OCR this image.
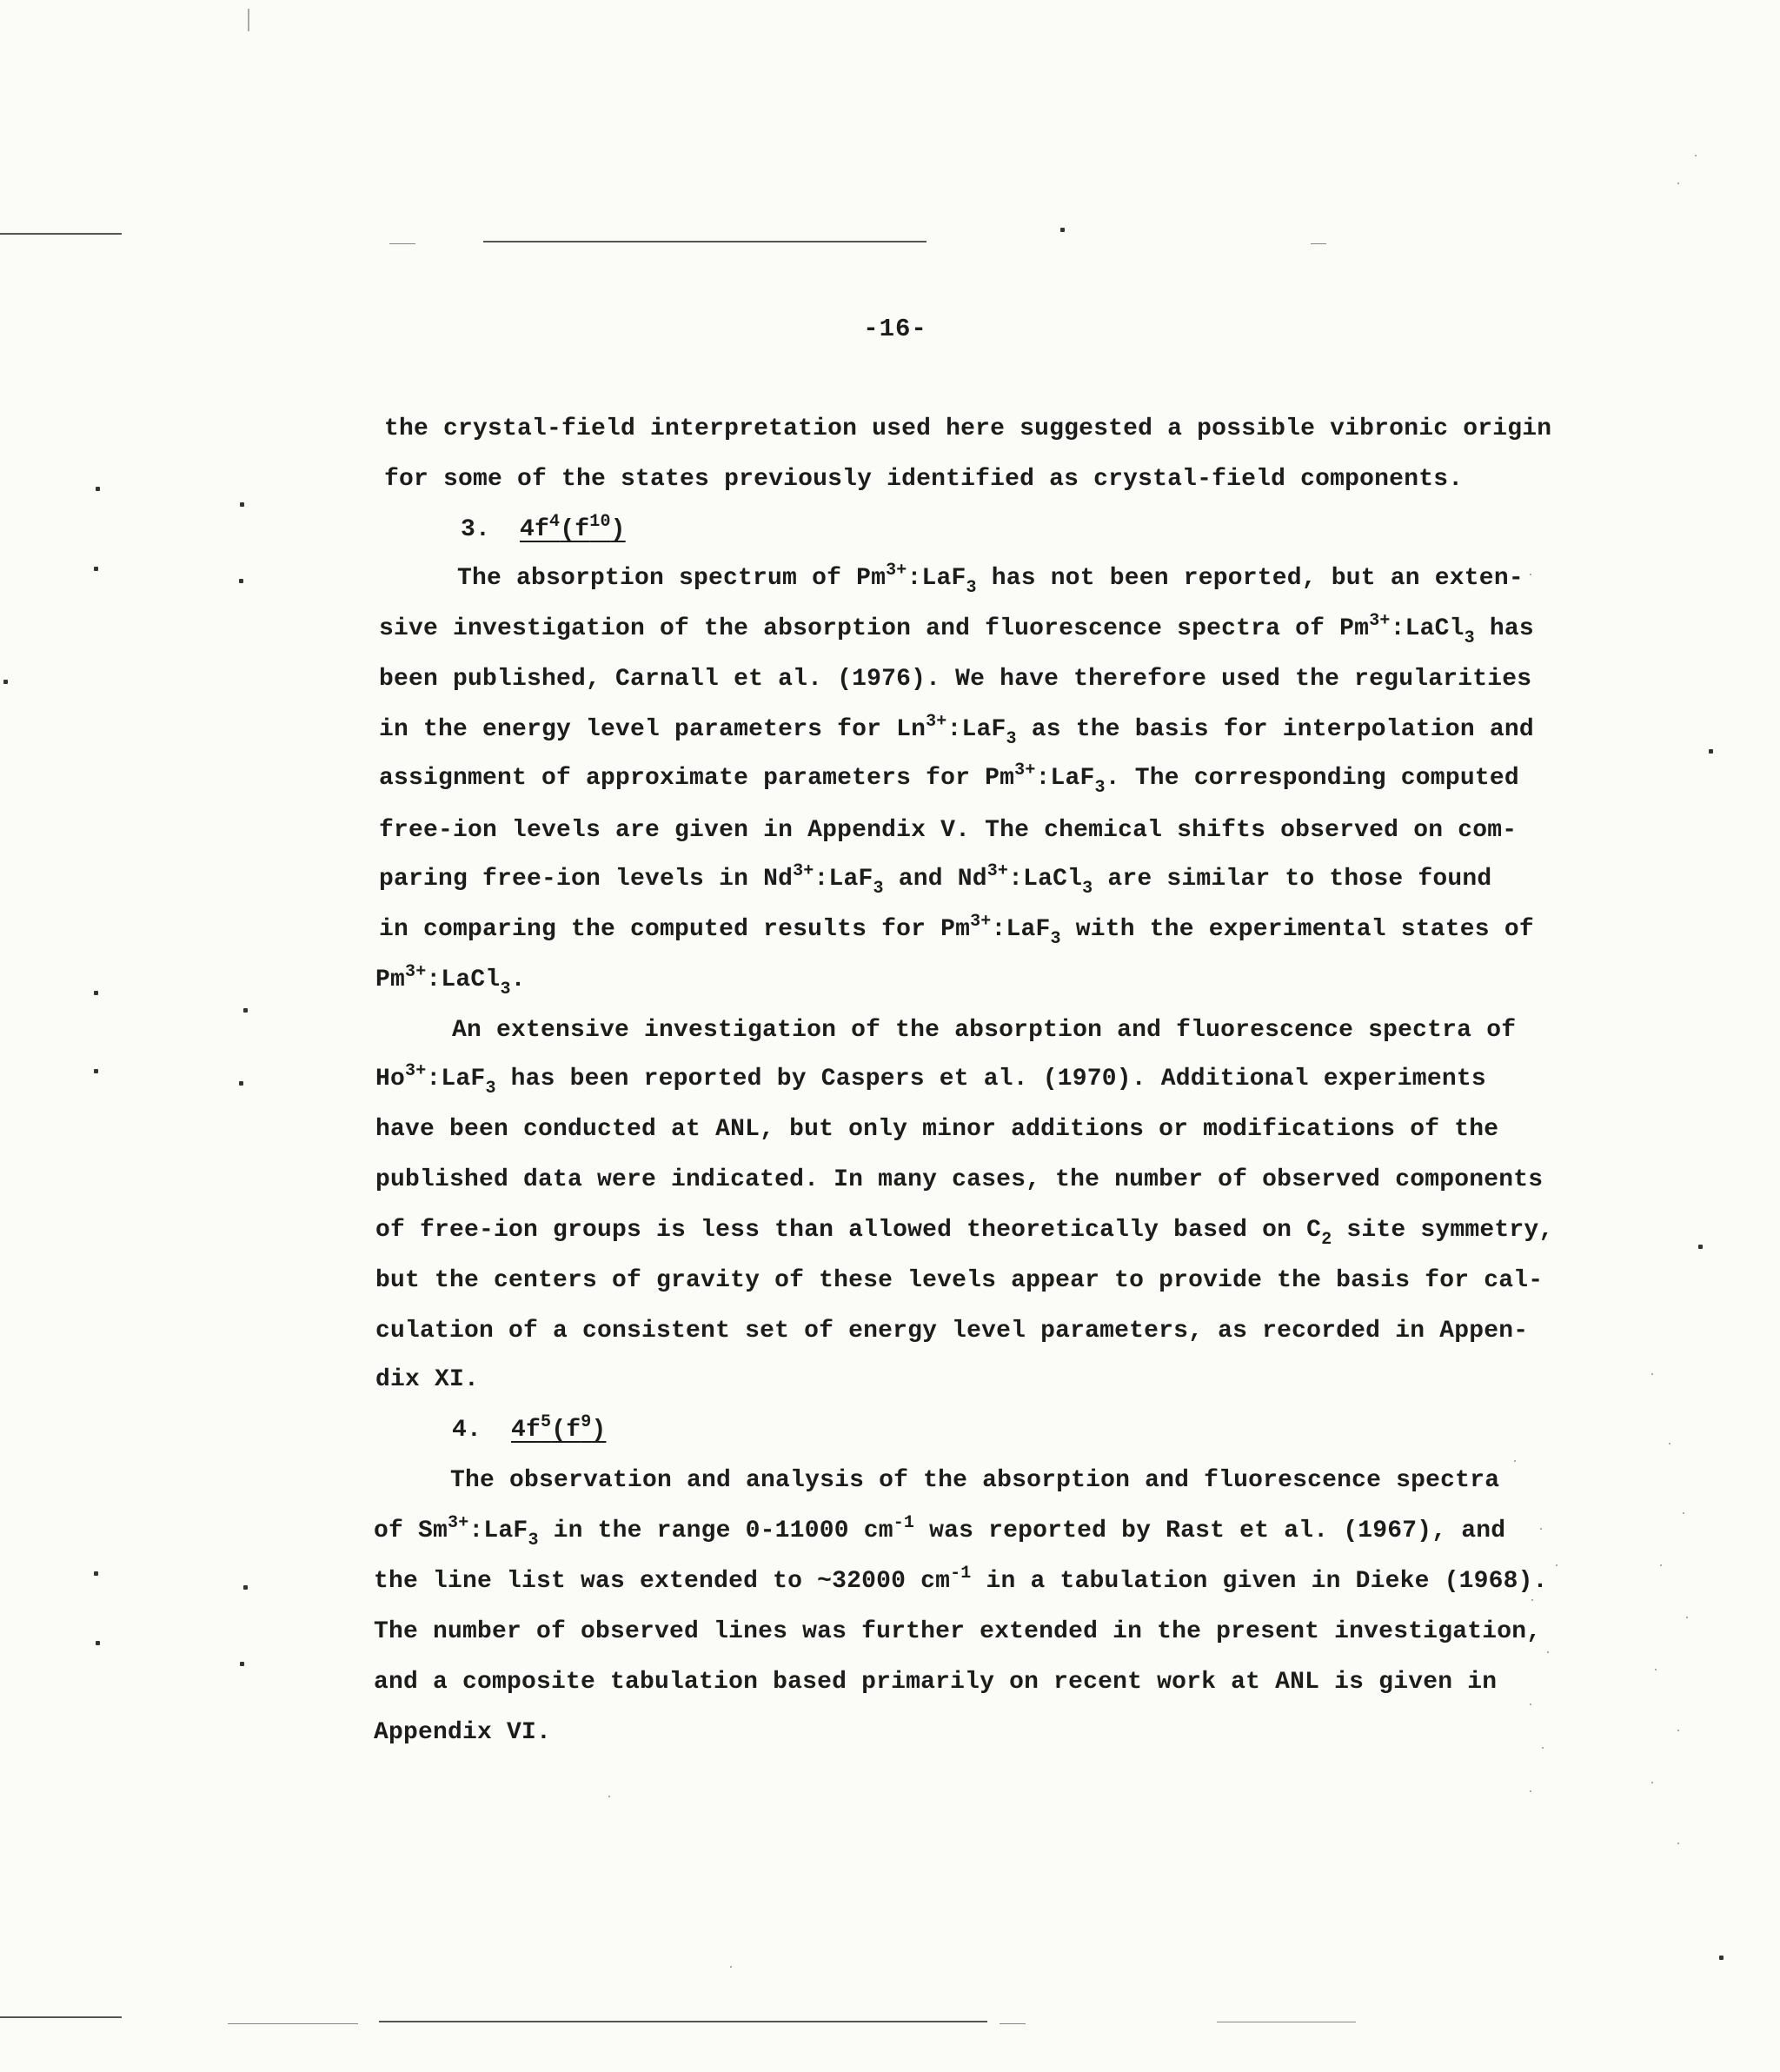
-16-
the crystal-field interpretation used here suggested a possible vibronic origin
for some of the states previously identified as crystal-field components.
3. $4f^4(f^{10})$
The absorption spectrum of $Pm^{3+}:LaF_3$ has not been reported, but an exten-
sive investigation of the absorption and fluorescence spectra of $Pm^{3+}:LaCl_3$ has
been published, Carnall et al. (1976). We have therefore used the regularities
in the energy level parameters for $Ln^{3+}:LaF_3$ as the basis for interpolation and
assignment of approximate parameters for $Pm^{3+}:LaF_3$. The corresponding computed
free-ion levels are given in Appendix V. The chemical shifts observed on com-
paring free-ion levels in $Nd^{3+}:LaF_3$ and $Nd^{3+}:LaCl_3$ are similar to those found
in comparing the computed results for $Pm^{3+}:LaF_3$ with the experimental states of
$Pm^{3+}:LaCl_3$.
An extensive investigation of the absorption and fluorescence spectra of
$Ho^{3+}:LaF_3$ has been reported by Caspers et al. (1970). Additional experiments
have been conducted at ANL, but only minor additions or modifications of the
published data were indicated. In many cases, the number of observed components
of free-ion groups is less than allowed theoretically based on $C_2$ site symmetry,
but the centers of gravity of these levels appear to provide the basis for cal-
culation of a consistent set of energy level parameters, as recorded in Appen-
dix XI.
4. $4f^5(f^9)$
The observation and analysis of the absorption and fluorescence spectra
of $Sm^{3+}:LaF_3$ in the range 0-11000 $cm^{-1}$ was reported by Rast et al. (1967), and
the line list was extended to ~32000 $cm^{-1}$ in a tabulation given in Dieke (1968).
The number of observed lines was further extended in the present investigation,
and a composite tabulation based primarily on recent work at ANL is given in
Appendix VI.
